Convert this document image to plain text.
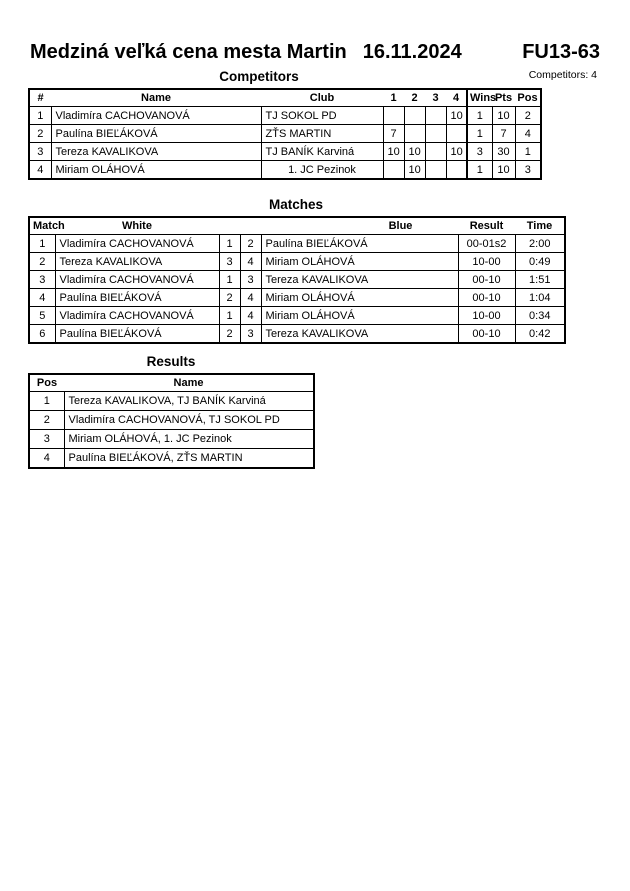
Medziná veľká cena mesta Martin 16.11.2024	FU13-63
Competitors: 4
Competitors
#	Name	Club	1	2	3	4	Wins	Pts	Pos
1	Vladimíra CACHOVANOVÁ	TJ SOKOL PD				10	1	10	2
2	Paulína BIEĽÁKOVÁ	ZŤS MARTIN	7				1	7	4
3	Tereza KAVALIKOVA	TJ BANÍK Karviná	10	10		10	3	30	1
4	Miriam OLÁHOVÁ	1. JC Pezinok		10			1	10	3
Matches
Match	White			Blue	Result	Time
1	Vladimíra CACHOVANOVÁ	1	2	Paulína BIEĽÁKOVÁ	00-01s2	2:00
2	Tereza KAVALIKOVA	3	4	Miriam OLÁHOVÁ	10-00	0:49
3	Vladimíra CACHOVANOVÁ	1	3	Tereza KAVALIKOVA	00-10	1:51
4	Paulína BIEĽÁKOVÁ	2	4	Miriam OLÁHOVÁ	00-10	1:04
5	Vladimíra CACHOVANOVÁ	1	4	Miriam OLÁHOVÁ	10-00	0:34
6	Paulína BIEĽÁKOVÁ	2	3	Tereza KAVALIKOVA	00-10	0:42
Results
Pos	Name
1	Tereza KAVALIKOVA, TJ BANÍK Karviná
2	Vladimíra CACHOVANOVÁ, TJ SOKOL PD
3	Miriam OLÁHOVÁ, 1. JC Pezinok
4	Paulína BIEĽÁKOVÁ, ZŤS MARTIN
